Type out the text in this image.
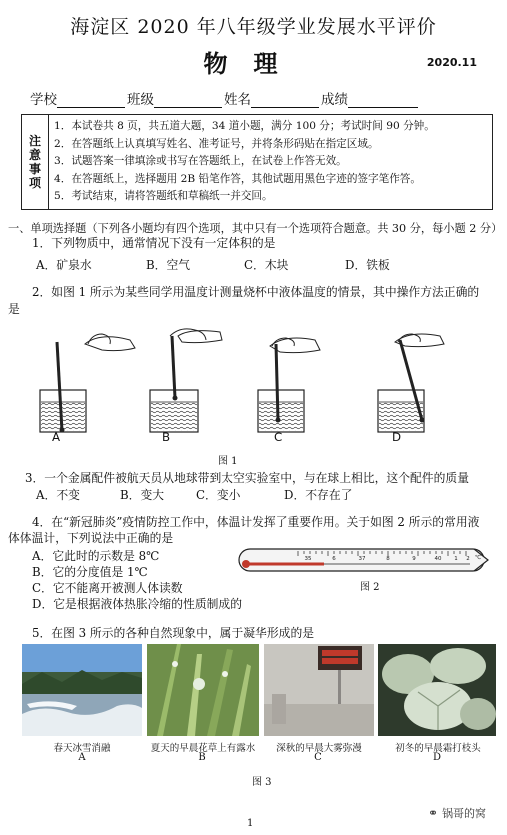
海淀区 2020 年八年级学业发展水平评价
物理	2020.11
学校	班级	姓名	成绩
注
意
事
项
1．本试卷共 8 页，共五道大题，34 道小题，满分 100 分；考试时间 90 分钟。
2．在答题纸上认真填写姓名、准考证号，并将条形码贴在指定区域。
3．试题答案一律填涂或书写在答题纸上，在试卷上作答无效。
4．在答题纸上，选择题用 2B 铅笔作答，其他试题用黑色字迹的签字笔作答。
5．考试结束，请将答题纸和草稿纸一并交回。
一、单项选择题（下列各小题均有四个选项，其中只有一个选项符合题意。共 30 分，每小题 2 分）
1．下列物质中，通常情况下没有一定体积的是
A．矿泉水	B．空气	C．木块	D．铁板
2．如图 1 所示为某些同学用温度计测量烧杯中液体温度的情景，其中操作方法正确的
是
A	B	C	D
图 1
3．一个金属配件被航天员从地球带到太空实验室中，与在球上相比，这个配件的质量
A．不变	B．变大	C．变小	D．不存在了
4．在“新冠肺炎”疫情防控工作中，体温计发挥了重要作用。关于如图 2 所示的常用液
体体温计，下列说法中正确的是
A．它此时的示数是 8℃
B．它的分度值是 1℃
C．它不能离开被测人体读数
D．它是根据液体热胀冷缩的性质制成的
35	6	37	8	9	40 1 2 ℃
图 2
5．在图 3 所示的各种自然现象中，属于凝华形成的是
春天冰雪消融	夏天的早晨花草上有露水	深秋的早晨大雾弥漫	初冬的早晨霜打枝头
A	B	C	D
图 3
1
⚭ 锅哥的窝
